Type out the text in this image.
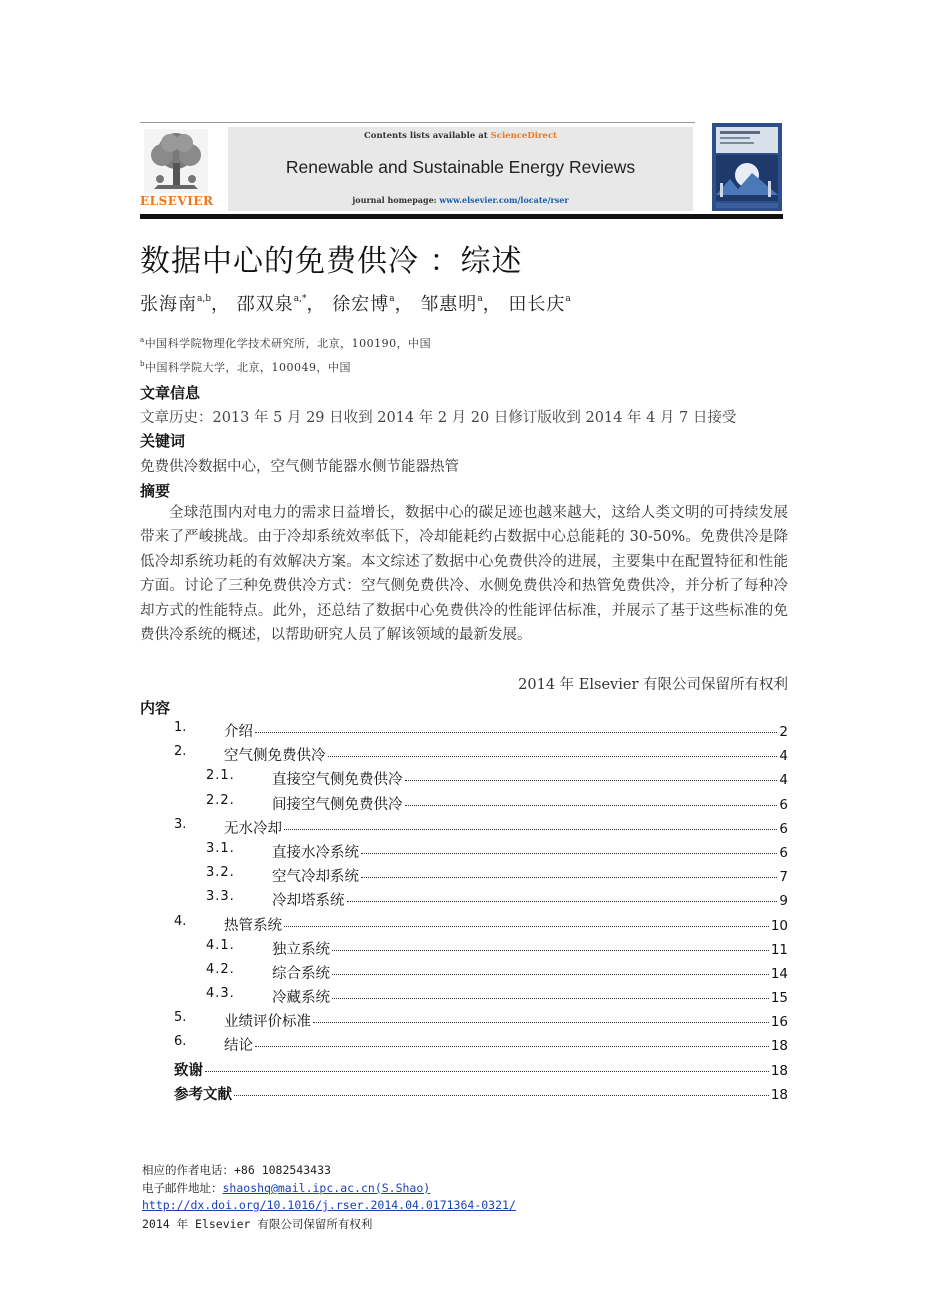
ELSEVIER
Contents lists available at ScienceDirect
Renewable and Sustainable Energy Reviews
journal homepage: www.elsevier.com/locate/rser
数据中心的免费供冷 ：综述
张海南$^{a,b}$， 邵双泉$^{a,*}$， 徐宏博$^a$， 邹惠明$^a$， 田长庆$^a$
$^a$中国科学院物理化学技术研究所，北京，100190，中国
$^b$中国科学院大学，北京，100049，中国
文章信息
文章历史：2013 年 5 月 29 日收到 2014 年 2 月 20 日修订版收到 2014 年 4 月 7 日接受
关键词
免费供冷数据中心，空气侧节能器水侧节能器热管
摘要
全球范围内对电力的需求日益增长，数据中心的碳足迹也越来越大，这给人类文明的可持续发展带来了严峻挑战。由于冷却系统效率低下，冷却能耗约占数据中心总能耗的 30-50%。免费供冷是降低冷却系统功耗的有效解决方案。本文综述了数据中心免费供冷的进展，主要集中在配置特征和性能方面。讨论了三种免费供冷方式：空气侧免费供冷、水侧免费供冷和热管免费供冷，并分析了每种冷却方式的性能特点。此外，还总结了数据中心免费供冷的性能评估标准，并展示了基于这些标准的免费供冷系统的概述，以帮助研究人员了解该领域的最新发展。
2014 年 Elsevier 有限公司保留所有权利
内容
1.	介绍	2
2.	空气侧免费供冷	4
2.1.	直接空气侧免费供冷	4
2.2.	间接空气侧免费供冷	6
3.	无水冷却	6
3.1.	直接水冷系统	6
3.2.	空气冷却系统	7
3.3.	冷却塔系统	9
4.	热管系统	10
4.1.	独立系统	11
4.2.	综合系统	14
4.3.	冷藏系统	15
5.	业绩评价标准	16
6.	结论	18
致谢	18
参考文献	18
相应的作者电话：+86 1082543433
电子邮件地址：shaoshq@mail.ipc.ac.cn(S.Shao)
http://dx.doi.org/10.1016/j.rser.2014.04.0171364-0321/
2014 年 Elsevier 有限公司保留所有权利
